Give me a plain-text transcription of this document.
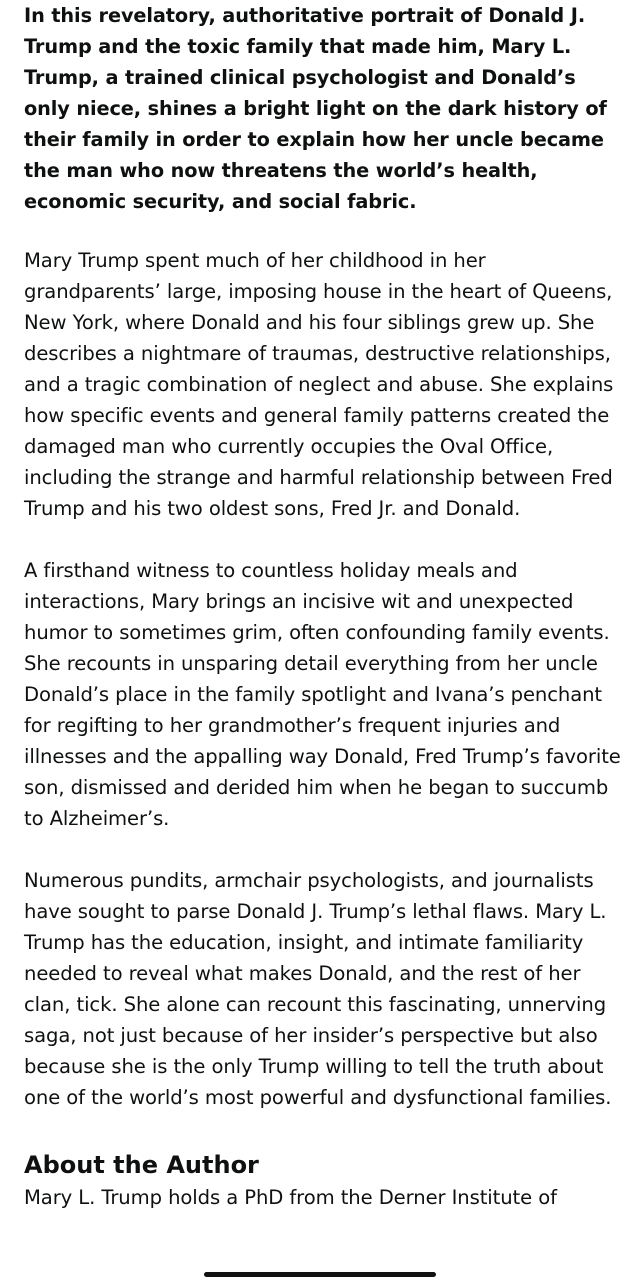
In this revelatory, authoritative portrait of Donald J. Trump and the toxic family that made him, Mary L. Trump, a trained clinical psychologist and Donald’s only niece, shines a bright light on the dark history of their family in order to explain how her uncle became the man who now threatens the world’s health, economic security, and social fabric.

Mary Trump spent much of her childhood in her grandparents’ large, imposing house in the heart of Queens, New York, where Donald and his four siblings grew up. She describes a nightmare of traumas, destructive relationships, and a tragic combination of neglect and abuse. She explains how specific events and general family patterns created the damaged man who currently occupies the Oval Office, including the strange and harmful relationship between Fred Trump and his two oldest sons, Fred Jr. and Donald.

A firsthand witness to countless holiday meals and interactions, Mary brings an incisive wit and unexpected humor to sometimes grim, often confounding family events. She recounts in unsparing detail everything from her uncle Donald’s place in the family spotlight and Ivana’s penchant for regifting to her grandmother’s frequent injuries and illnesses and the appalling way Donald, Fred Trump’s favorite son, dismissed and derided him when he began to succumb to Alzheimer’s.

Numerous pundits, armchair psychologists, and journalists have sought to parse Donald J. Trump’s lethal flaws. Mary L. Trump has the education, insight, and intimate familiarity needed to reveal what makes Donald, and the rest of her clan, tick. She alone can recount this fascinating, unnerving saga, not just because of her insider’s perspective but also because she is the only Trump willing to tell the truth about one of the world’s most powerful and dysfunctional families.

About the Author

Mary L. Trump holds a PhD from the Derner Institute of
